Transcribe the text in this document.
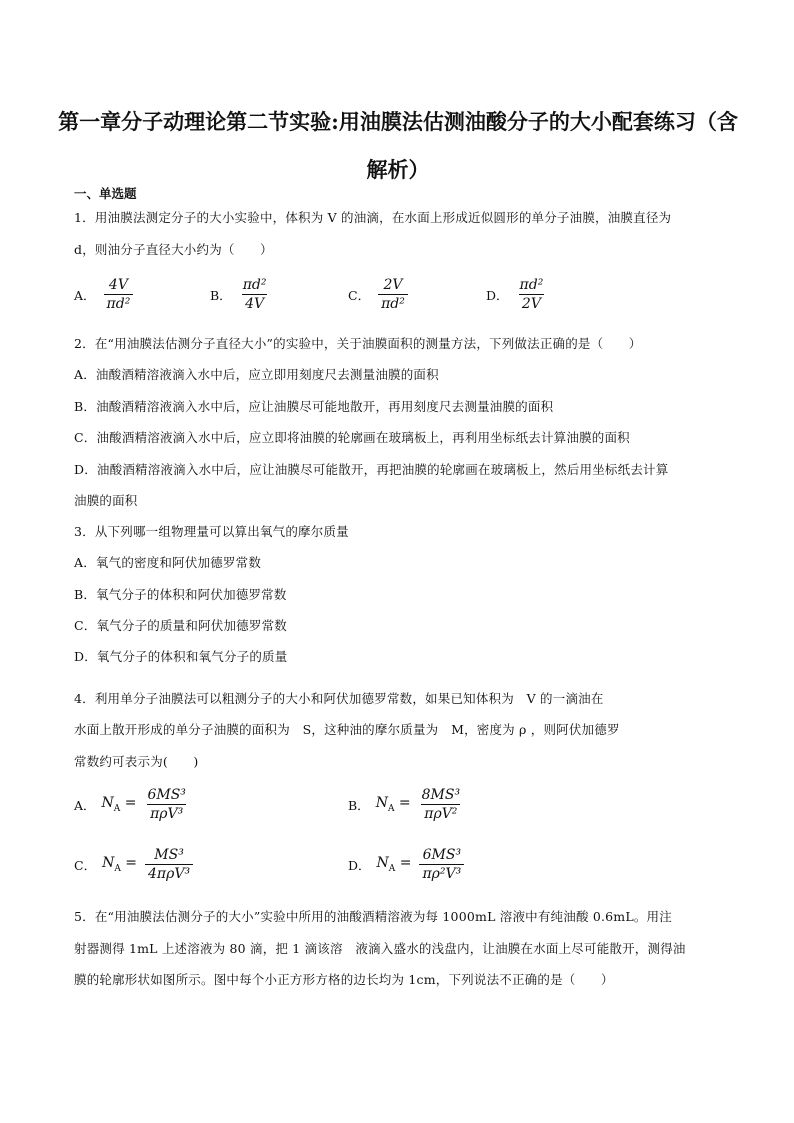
第一章分子动理论第二节实验:用油膜法估测油酸分子的大小配套练习（含
解析）
一、单选题
1．用油膜法测定分子的大小实验中，体积为 V 的油滴，在水面上形成近似圆形的单分子油膜，油膜直径为
d，则油分子直径大小约为（　　）
A． $\frac{4V}{\text{πd²}}$	B． $\frac{\text{πd²}}{4V}$	C． $\frac{2V}{\text{πd²}}$	D． $\frac{\text{πd²}}{2V}$
2．在“用油膜法估测分子直径大小”的实验中，关于油膜面积的测量方法，下列做法正确的是（　　）
A．油酸酒精溶液滴入水中后，应立即用刻度尺去测量油膜的面积
B．油酸酒精溶液滴入水中后，应让油膜尽可能地散开，再用刻度尺去测量油膜的面积
C．油酸酒精溶液滴入水中后，应立即将油膜的轮廓画在玻璃板上，再利用坐标纸去计算油膜的面积
D．油酸酒精溶液滴入水中后，应让油膜尽可能散开，再把油膜的轮廓画在玻璃板上，然后用坐标纸去计算
油膜的面积
3．从下列哪一组物理量可以算出氧气的摩尔质量
A．氧气的密度和阿伏加德罗常数
B．氧气分子的体积和阿伏加德罗常数
C．氧气分子的质量和阿伏加德罗常数
D．氧气分子的体积和氧气分子的质量
4．利用单分子油膜法可以粗测分子的大小和阿伏加德罗常数，如果已知体积为　V 的一滴油在
水面上散开形成的单分子油膜的面积为　S，这种油的摩尔质量为　M，密度为 ρ ，则阿伏加德罗
常数约可表示为(　　)
A． $N_A = \frac{\text{6MS³}}{\text{πρV³}}$	B． $N_A = \frac{\text{8MS³}}{\text{πρV²}}$
C． $N_A = \frac{\text{MS³}}{\text{4πρV³}}$	D． $N_A = \frac{\text{6MS³}}{\text{πρ²V³}}$
5．在“用油膜法估测分子的大小”实验中所用的油酸酒精溶液为每 1000mL 溶液中有纯油酸 0.6mL。用注
射器测得 1mL 上述溶液为 80 滴，把 1 滴该溶　液滴入盛水的浅盘内，让油膜在水面上尽可能散开，测得油
膜的轮廓形状如图所示。图中每个小正方形方格的边长均为 1cm，下列说法不正确的是（　　）
